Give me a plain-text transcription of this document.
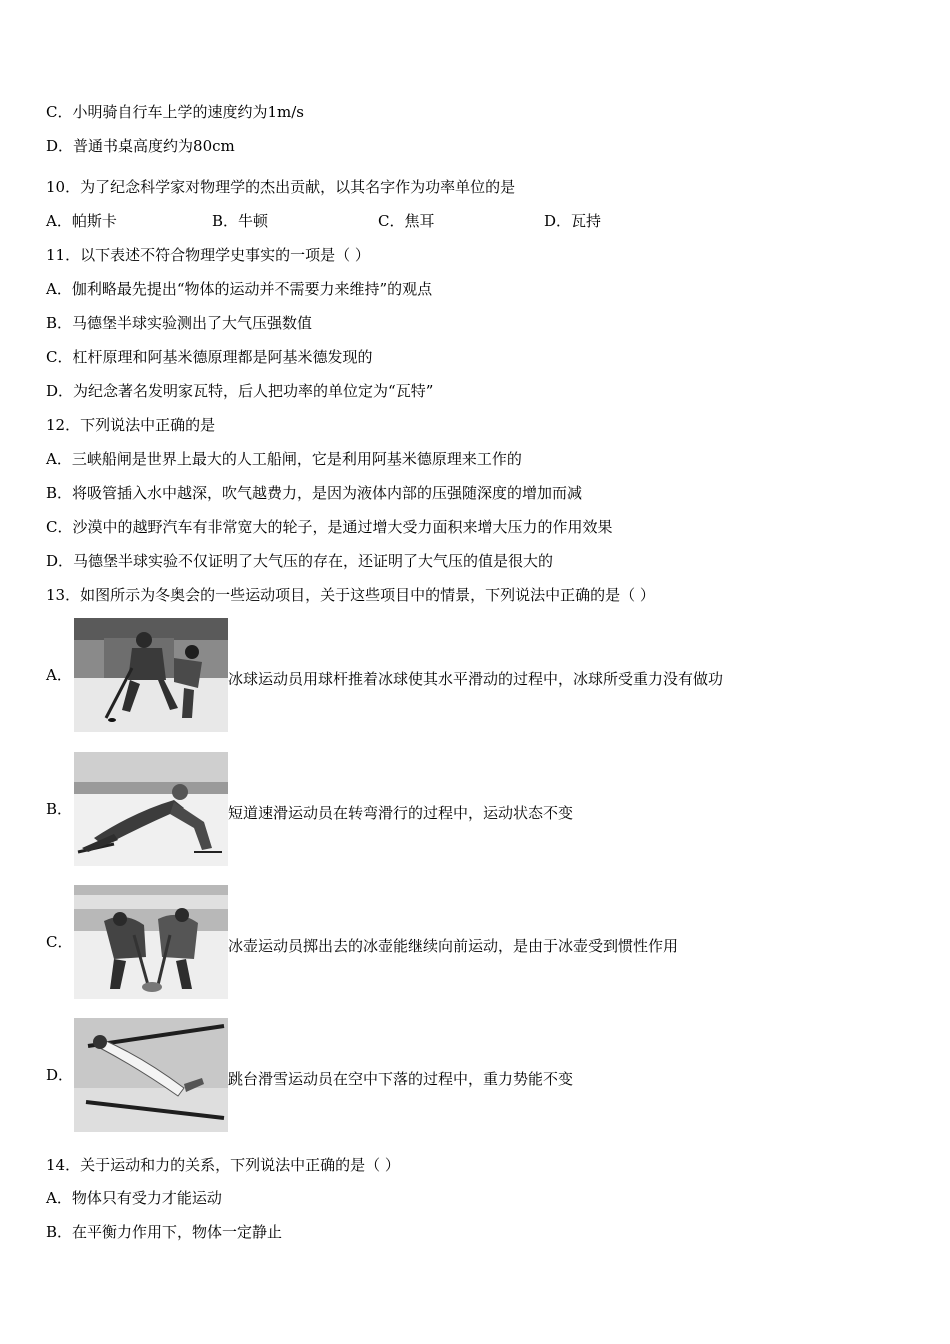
C．小明骑自行车上学的速度约为1m/s
D．普通书桌高度约为80cm
10．为了纪念科学家对物理学的杰出贡献，以其名字作为功率单位的是
A．帕斯卡	B．牛顿	C．焦耳	D．瓦持
11．以下表述不符合物理学史事实的一项是（ ）
A．伽利略最先提出“物体的运动并不需要力来维持”的观点
B．马德堡半球实验测出了大气压强数值
C．杠杆原理和阿基米德原理都是阿基米德发现的
D．为纪念著名发明家瓦特，后人把功率的单位定为“瓦特”
12．下列说法中正确的是
A．三峡船闸是世界上最大的人工船闸，它是利用阿基米德原理来工作的
B．将吸管插入水中越深，吹气越费力，是因为液体内部的压强随深度的增加而减
C．沙漠中的越野汽车有非常宽大的轮子，是通过增大受力面积来增大压力的作用效果
D．马德堡半球实验不仅证明了大气压的存在，还证明了大气压的值是很大的
13．如图所示为冬奥会的一些运动项目，关于这些项目中的情景，下列说法中正确的是（ ）
A．	冰球运动员用球杆推着冰球使其水平滑动的过程中，冰球所受重力没有做功
B．	短道速滑运动员在转弯滑行的过程中，运动状态不变
C．	冰壶运动员掷出去的冰壶能继续向前运动，是由于冰壶受到惯性作用
D．	跳台滑雪运动员在空中下落的过程中，重力势能不变
14．关于运动和力的关系，下列说法中正确的是（ ）
A．物体只有受力才能运动
B．在平衡力作用下，物体一定静止
